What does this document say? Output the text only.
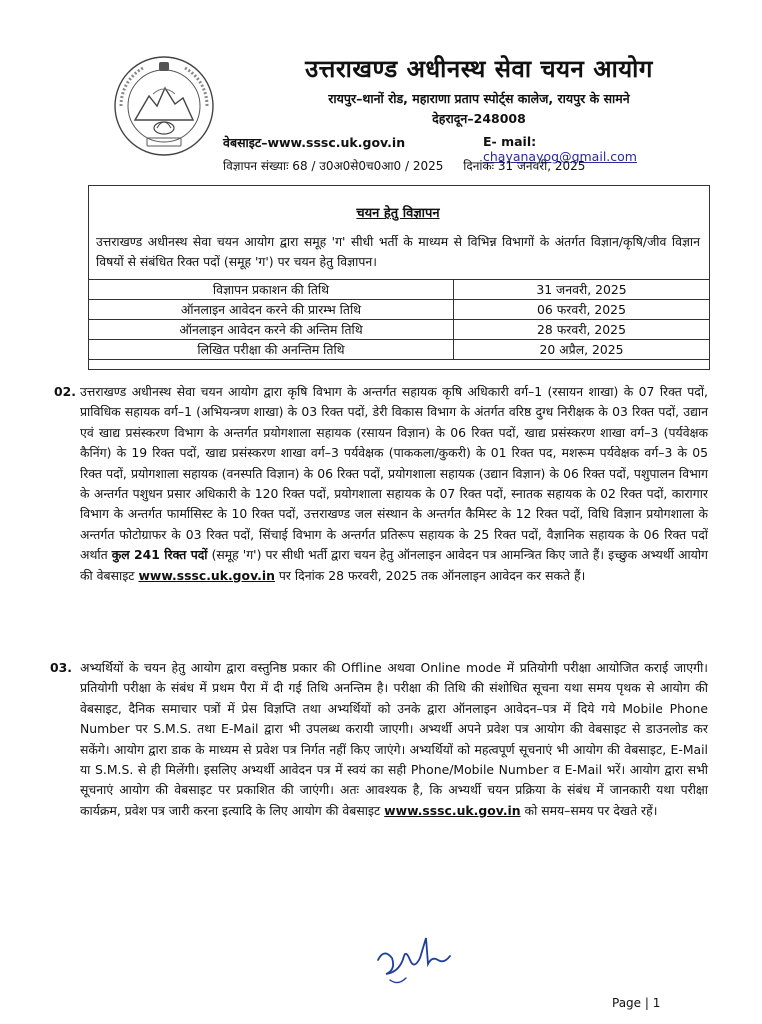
उत्तराखण्ड अधीनस्थ सेवा चयन आयोग
रायपुर–थानों रोड, महाराणा प्रताप स्पोर्ट्स कालेज, रायपुर के सामने
देहरादून–248008
वेबसाइट–www.sssc.uk.gov.in	E- mail: chayanayog@gmail.com
विज्ञापन संख्याः 68 / उ0अ0से0च0आ0 / 2025 दिनांकः 31 जनवरी, 2025
चयन हेतु विज्ञापन
उत्तराखण्ड अधीनस्थ सेवा चयन आयोग द्वारा समूह 'ग' सीधी भर्ती के माध्यम से विभिन्न विभागों के अंतर्गत विज्ञान/कृषि/जीव विज्ञान विषयों से संबंधित रिक्त पदों (समूह 'ग') पर चयन हेतु विज्ञापन।
विज्ञापन प्रकाशन की तिथि	31 जनवरी, 2025
ऑनलाइन आवेदन करने की प्रारम्भ तिथि	06 फरवरी, 2025
ऑनलाइन आवेदन करने की अन्तिम तिथि	28 फरवरी, 2025
लिखित परीक्षा की अनन्तिम तिथि	20 अप्रैल, 2025
02. उत्तराखण्ड अधीनस्थ सेवा चयन आयोग द्वारा कृषि विभाग के अन्तर्गत सहायक कृषि अधिकारी वर्ग–1 (रसायन शाखा) के 07 रिक्त पदों, प्राविधिक सहायक वर्ग–1 (अभियन्त्रण शाखा) के 03 रिक्त पदों, डेरी विकास विभाग के अंतर्गत वरिष्ठ दुग्ध निरीक्षक के 03 रिक्त पदों, उद्यान एवं खाद्य प्रसंस्करण विभाग के अन्तर्गत प्रयोगशाला सहायक (रसायन विज्ञान) के 06 रिक्त पदों, खाद्य प्रसंस्करण शाखा वर्ग–3 (पर्यवेक्षक कैनिंग) के 19 रिक्त पदों, खाद्य प्रसंस्करण शाखा वर्ग–3 पर्यवेक्षक (पाककला/कुकरी) के 01 रिक्त पद, मशरूम पर्यवेक्षक वर्ग–3 के 05 रिक्त पदों, प्रयोगशाला सहायक (वनस्पति विज्ञान) के 06 रिक्त पदों, प्रयोगशाला सहायक (उद्यान विज्ञान) के 06 रिक्त पदों, पशुपालन विभाग के अन्तर्गत पशुधन प्रसार अधिकारी के 120 रिक्त पदों, प्रयोगशाला सहायक के 07 रिक्त पदों, स्नातक सहायक के 02 रिक्त पदों, कारागार विभाग के अन्तर्गत फार्मासिस्ट के 10 रिक्त पदों, उत्तराखण्ड जल संस्थान के अन्तर्गत कैमिस्ट के 12 रिक्त पदों, विधि विज्ञान प्रयोगशाला के अन्तर्गत फोटोग्राफर के 03 रिक्त पदों, सिंचाई विभाग के अन्तर्गत प्रतिरूप सहायक के 25 रिक्त पदों, वैज्ञानिक सहायक के 06 रिक्त पदों अर्थात कुल 241 रिक्त पदों (समूह 'ग') पर सीधी भर्ती द्वारा चयन हेतु ऑनलाइन आवेदन पत्र आमन्त्रित किए जाते हैं। इच्छुक अभ्यर्थी आयोग की वेबसाइट www.sssc.uk.gov.in पर दिनांक 28 फरवरी, 2025 तक ऑनलाइन आवेदन कर सकते हैं।
03. अभ्यर्थियों के चयन हेतु आयोग द्वारा वस्तुनिष्ठ प्रकार की Offline अथवा Online mode में प्रतियोगी परीक्षा आयोजित कराई जाएगी। प्रतियोगी परीक्षा के संबंध में प्रथम पैरा में दी गई तिथि अनन्तिम है। परीक्षा की तिथि की संशोधित सूचना यथा समय पृथक से आयोग की वेबसाइट, दैनिक समाचार पत्रों में प्रेस विज्ञप्ति तथा अभ्यर्थियों को उनके द्वारा ऑनलाइन आवेदन–पत्र में दिये गये Mobile Phone Number पर S.M.S. तथा E-Mail द्वारा भी उपलब्ध करायी जाएगी। अभ्यर्थी अपने प्रवेश पत्र आयोग की वेबसाइट से डाउनलोड कर सकेंगे। आयोग द्वारा डाक के माध्यम से प्रवेश पत्र निर्गत नहीं किए जाएंगे। अभ्यर्थियों को महत्वपूर्ण सूचनाएं भी आयोग की वेबसाइट, E-Mail या S.M.S. से ही मिलेंगी। इसलिए अभ्यर्थी आवेदन पत्र में स्वयं का सही Phone/Mobile Number व E-Mail भरें। आयोग द्वारा सभी सूचनाएं आयोग की वेबसाइट पर प्रकाशित की जाएंगी। अतः आवश्यक है, कि अभ्यर्थी चयन प्रक्रिया के संबंध में जानकारी यथा परीक्षा कार्यक्रम, प्रवेश पत्र जारी करना इत्यादि के लिए आयोग की वेबसाइट www.sssc.uk.gov.in को समय–समय पर देखते रहें।
Page | 1
